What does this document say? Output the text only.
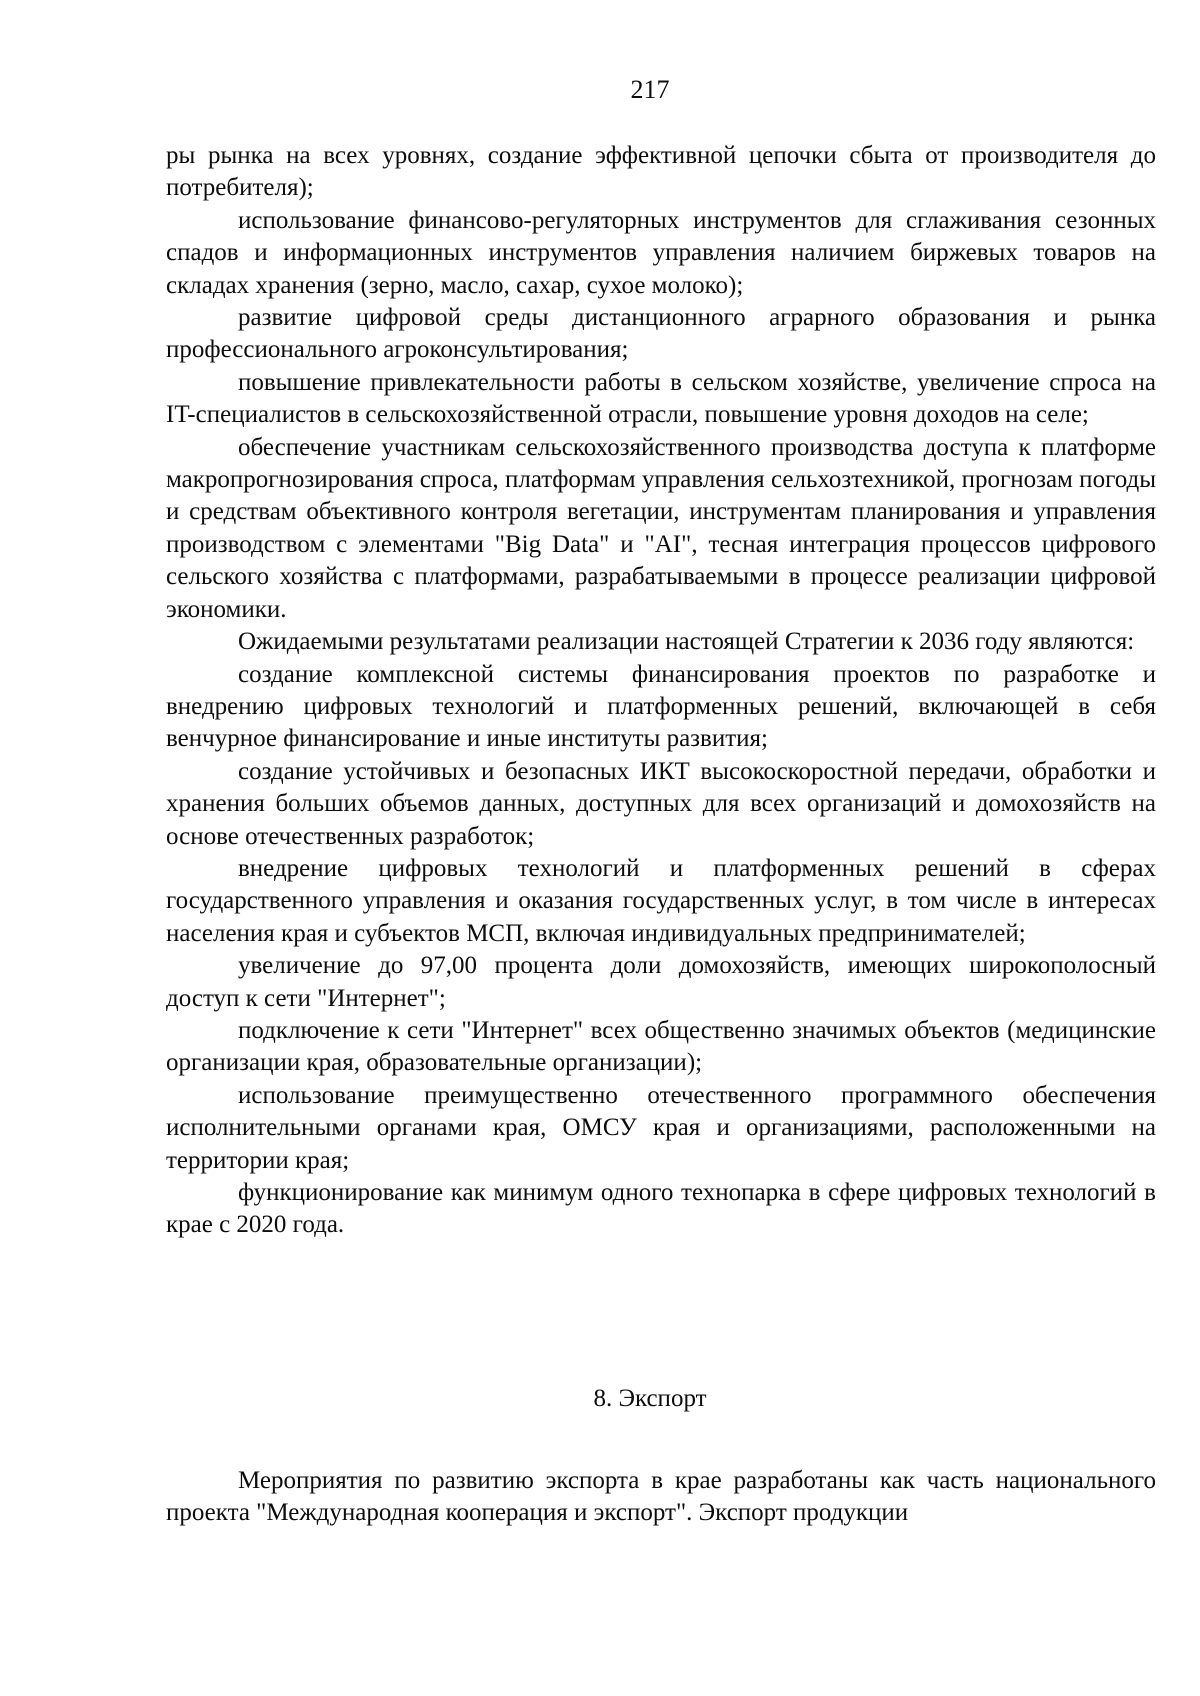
217

ры рынка на всех уровнях, создание эффективной цепочки сбыта от производителя до потребителя);

использование финансово-регуляторных инструментов для сглаживания сезонных спадов и информационных инструментов управления наличием биржевых товаров на складах хранения (зерно, масло, сахар, сухое молоко);

развитие цифровой среды дистанционного аграрного образования и рынка профессионального агроконсультирования;

повышение привлекательности работы в сельском хозяйстве, увеличение спроса на IT-специалистов в сельскохозяйственной отрасли, повышение уровня доходов на селе;

обеспечение участникам сельскохозяйственного производства доступа к платформе макропрогнозирования спроса, платформам управления сельхозтехникой, прогнозам погоды и средствам объективного контроля вегетации, инструментам планирования и управления производством с элементами "Big Data" и "AI", тесная интеграция процессов цифрового сельского хозяйства с платформами, разрабатываемыми в процессе реализации цифровой экономики.

Ожидаемыми результатами реализации настоящей Стратегии к 2036 году являются:

создание комплексной системы финансирования проектов по разработке и внедрению цифровых технологий и платформенных решений, включающей в себя венчурное финансирование и иные институты развития;

создание устойчивых и безопасных ИКТ высокоскоростной передачи, обработки и хранения больших объемов данных, доступных для всех организаций и домохозяйств на основе отечественных разработок;

внедрение цифровых технологий и платформенных решений в сферах государственного управления и оказания государственных услуг, в том числе в интересах населения края и субъектов МСП, включая индивидуальных предпринимателей;

увеличение до 97,00 процента доли домохозяйств, имеющих широкополосный доступ к сети "Интернет";

подключение к сети "Интернет" всех общественно значимых объектов (медицинские организации края, образовательные организации);

использование преимущественно отечественного программного обеспечения исполнительными органами края, ОМСУ края и организациями, расположенными на территории края;

функционирование как минимум одного технопарка в сфере цифровых технологий в крае с 2020 года.

8. Экспорт

Мероприятия по развитию экспорта в крае разработаны как часть национального проекта "Международная кооперация и экспорт". Экспорт продукции
